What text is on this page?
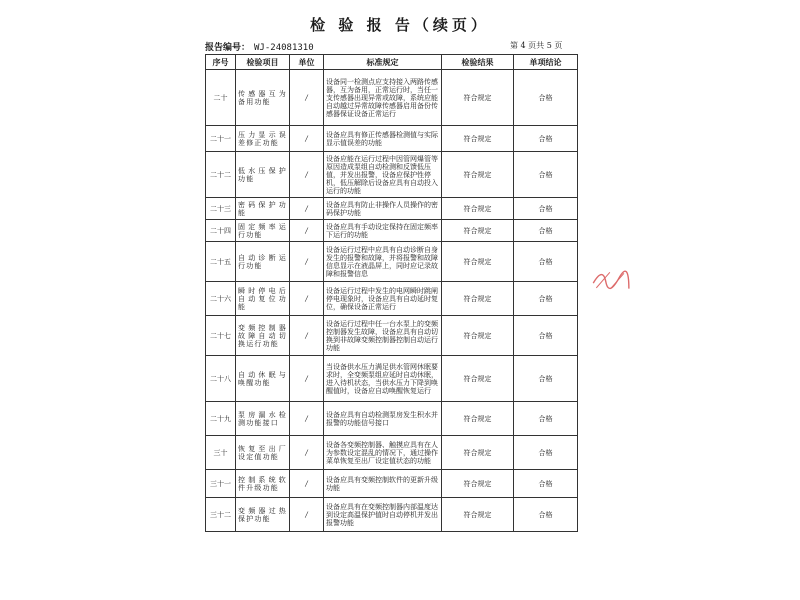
检 验 报 告（续页）
报告编号： WJ-24081310	第 4 页共 5 页
序号	检验项目	单位	标准规定	检验结果	单项结论
二十	传感器互为备用功能	/	设备同一检测点应支持接入两路传感器，互为备用，正常运行时，当任一支传感器出现异常或故障，系统应能自动越过异常故障传感器启用备份传感器保证设备正常运行	符合规定	合格
二十一	压力显示误差修正功能	/	设备应具有修正传感器检测值与实际显示值误差的功能	符合规定	合格
二十二	低水压保护功能	/	设备应能在运行过程中因管网爆管等原因造成泵组自动检测和反馈低压值，并发出报警，设备应保护性停机，低压解除后设备应具有自动投入运行的功能	符合规定	合格
二十三	密码保护功能	/	设备应具有防止非操作人员操作的密码保护功能	符合规定	合格
二十四	固定频率运行功能	/	设备应具有手动设定保持在固定频率下运行的功能	符合规定	合格
二十五	自动诊断运行功能	/	设备运行过程中应具有自动诊断自身发生的报警和故障，并将报警和故障信息显示在液晶屏上，同时应记录故障和报警信息	符合规定	合格
二十六	瞬时停电后自动复位功能	/	设备运行过程中发生的电网瞬时跳闸停电现象时，设备应具有自动延时复位，确保设备正常运行	符合规定	合格
二十七	变频控制器故障自动切换运行功能	/	设备运行过程中任一台水泵上的变频控制器发生故障，设备应具有自动切换到非故障变频控制器控制自动运行功能	符合规定	合格
二十八	自动休眠与唤醒功能	/	当设备供水压力满足供水管网休眠要求时，全变频泵组应延时自动休眠，进入待机状态，当供水压力下降到唤醒值时，设备应自动唤醒恢复运行	符合规定	合格
二十九	泵房漏水检测功能接口	/	设备应具有自动检测泵房发生积水并报警的功能信号接口	符合规定	合格
三十	恢复至出厂设定值功能	/	设备各变频控制器、触摸应具有在人为参数设定混乱的情况下，通过操作菜单恢复至出厂设定值状态的功能	符合规定	合格
三十一	控制系统软件升级功能	/	设备应具有变频控制软件的更新升级功能	符合规定	合格
三十二	变频器过热保护功能	/	设备应具有在变频控制器内部温度达到设定高温保护值时自动停机并发出报警功能	符合规定	合格
